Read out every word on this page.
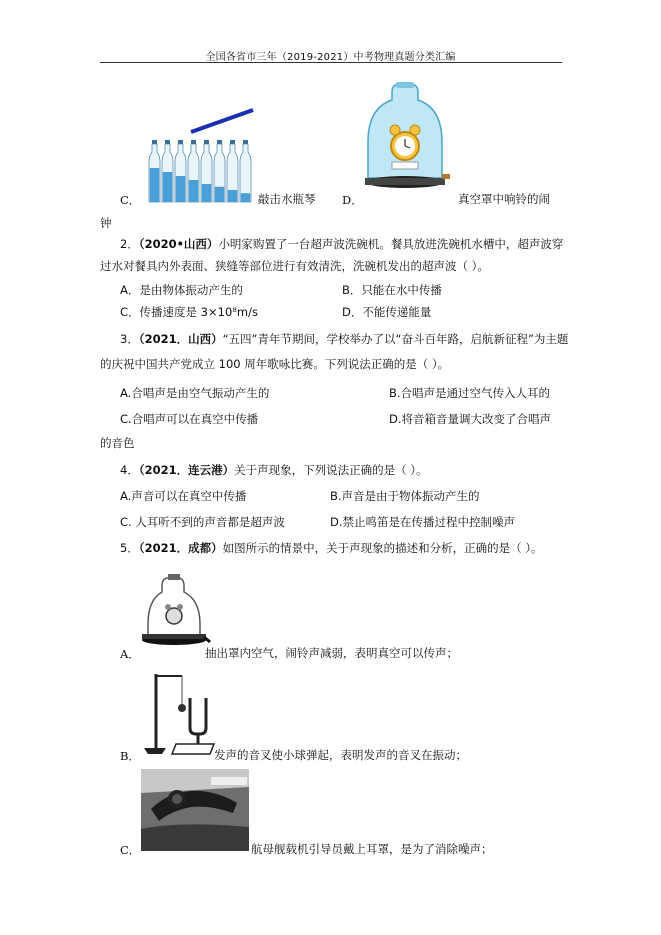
全国各省市三年（2019-2021）中考物理真题分类汇编
C．	敲击水瓶琴 D．	真空罩中响铃的闹
钟
2．（2020•山西）小明家购置了一台超声波洗碗机。餐具放进洗碗机水槽中，超声波穿
过水对餐具内外表面、狭缝等部位进行有效清洗，洗碗机发出的超声波（ ）。
A．是由物体振动产生的	B．只能在水中传播
C．传播速度是 3×10⁸m/s	D．不能传递能量
3．（2021．山西）“五四”青年节期间，学校举办了以“奋斗百年路，启航新征程”为主题
的庆祝中国共产党成立 100 周年歌咏比赛。下列说法正确的是（ ）。
A.合唱声是由空气振动产生的	B.合唱声是通过空气传入人耳的
C.合唱声可以在真空中传播	D.将音箱音量调大改变了合唱声
的音色
4．（2021．连云港）关于声现象，下列说法正确的是（ ）。
A.声音可以在真空中传播	B.声音是由于物体振动产生的
C. 人耳听不到的声音都是超声波	D.禁止鸣笛是在传播过程中控制噪声
5．（2021．成都）如图所示的情景中，关于声现象的描述和分析，正确的是（ ）。
A．	抽出罩内空气，闹铃声减弱，表明真空可以传声；
B．	发声的音叉使小球弹起，表明发声的音叉在振动；
C．	航母舰载机引导员戴上耳罩，是为了消除噪声；
